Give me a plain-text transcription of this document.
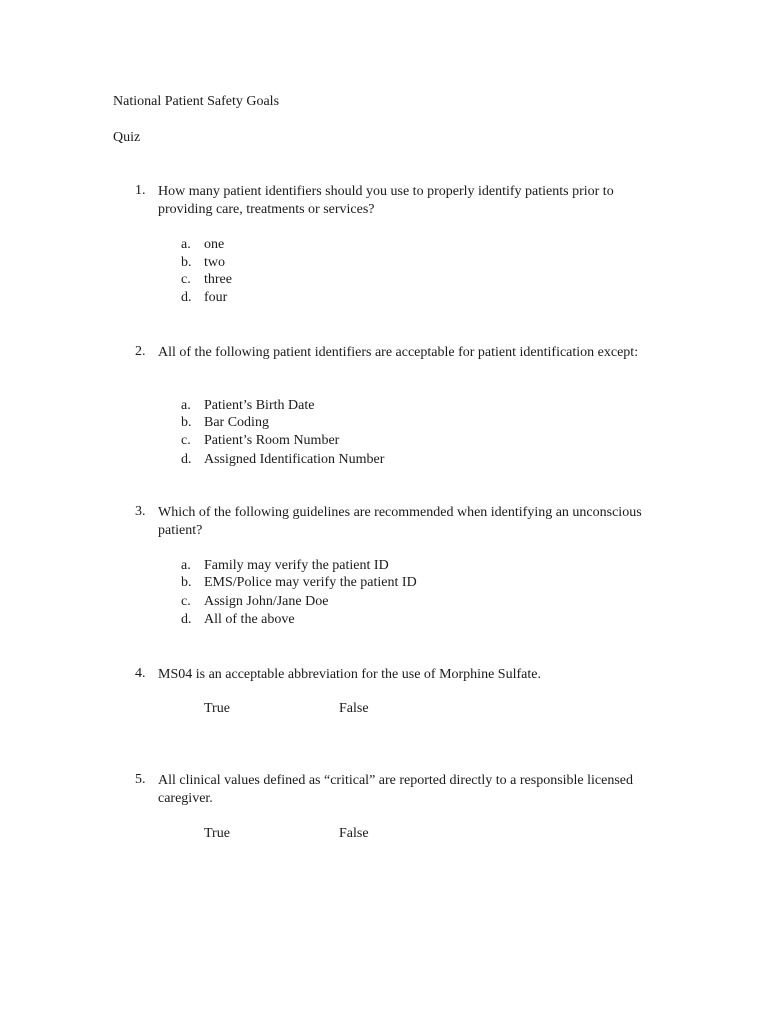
National Patient Safety Goals
Quiz
1. How many patient identifiers should you use to properly identify patients prior to providing care, treatments or services?
a. one
b. two
c. three
d. four
2. All of the following patient identifiers are acceptable for patient identification except:
a. Patient’s Birth Date
b. Bar Coding
c. Patient’s Room Number
d. Assigned Identification Number
3. Which of the following guidelines are recommended when identifying an unconscious patient?
a. Family may verify the patient ID
b. EMS/Police may verify the patient ID
c. Assign John/Jane Doe
d. All of the above
4. MS04 is an acceptable abbreviation for the use of Morphine Sulfate.
True	False
5. All clinical values defined as “critical” are reported directly to a responsible licensed caregiver.
True	False
